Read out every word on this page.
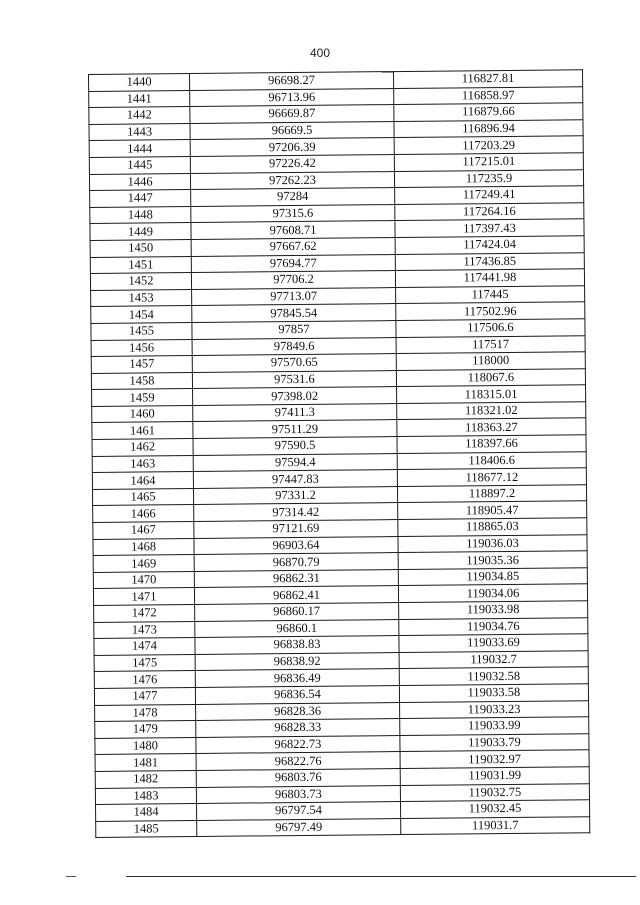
400
1440	96698.27	116827.81
1441	96713.96	116858.97
1442	96669.87	116879.66
1443	96669.5	116896.94
1444	97206.39	117203.29
1445	97226.42	117215.01
1446	97262.23	117235.9
1447	97284	117249.41
1448	97315.6	117264.16
1449	97608.71	117397.43
1450	97667.62	117424.04
1451	97694.77	117436.85
1452	97706.2	117441.98
1453	97713.07	117445
1454	97845.54	117502.96
1455	97857	117506.6
1456	97849.6	117517
1457	97570.65	118000
1458	97531.6	118067.6
1459	97398.02	118315.01
1460	97411.3	118321.02
1461	97511.29	118363.27
1462	97590.5	118397.66
1463	97594.4	118406.6
1464	97447.83	118677.12
1465	97331.2	118897.2
1466	97314.42	118905.47
1467	97121.69	118865.03
1468	96903.64	119036.03
1469	96870.79	119035.36
1470	96862.31	119034.85
1471	96862.41	119034.06
1472	96860.17	119033.98
1473	96860.1	119034.76
1474	96838.83	119033.69
1475	96838.92	119032.7
1476	96836.49	119032.58
1477	96836.54	119033.58
1478	96828.36	119033.23
1479	96828.33	119033.99
1480	96822.73	119033.79
1481	96822.76	119032.97
1482	96803.76	119031.99
1483	96803.73	119032.75
1484	96797.54	119032.45
1485	96797.49	119031.7
